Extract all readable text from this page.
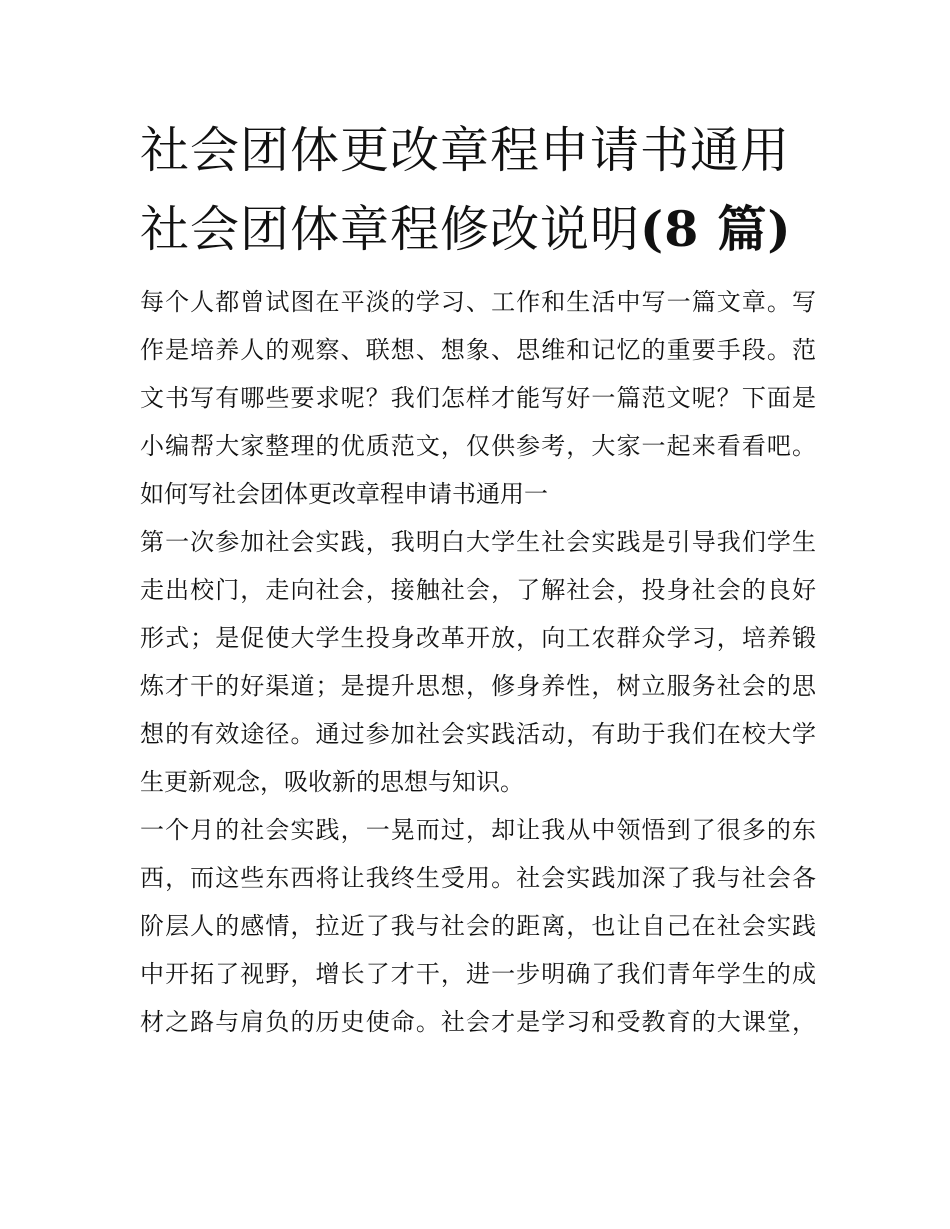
社会团体更改章程申请书通用
社会团体章程修改说明(8 篇)
每个人都曾试图在平淡的学习、工作和生活中写一篇文章。写
作是培养人的观察、联想、想象、思维和记忆的重要手段。范
文书写有哪些要求呢？我们怎样才能写好一篇范文呢？下面是
小编帮大家整理的优质范文，仅供参考，大家一起来看看吧。
如何写社会团体更改章程申请书通用一
第一次参加社会实践，我明白大学生社会实践是引导我们学生
走出校门，走向社会，接触社会，了解社会，投身社会的良好
形式；是促使大学生投身改革开放，向工农群众学习，培养锻
炼才干的好渠道；是提升思想，修身养性，树立服务社会的思
想的有效途径。通过参加社会实践活动，有助于我们在校大学
生更新观念，吸收新的思想与知识。
一个月的社会实践，一晃而过，却让我从中领悟到了很多的东
西，而这些东西将让我终生受用。社会实践加深了我与社会各
阶层人的感情，拉近了我与社会的距离，也让自己在社会实践
中开拓了视野，增长了才干，进一步明确了我们青年学生的成
材之路与肩负的历史使命。社会才是学习和受教育的大课堂，
